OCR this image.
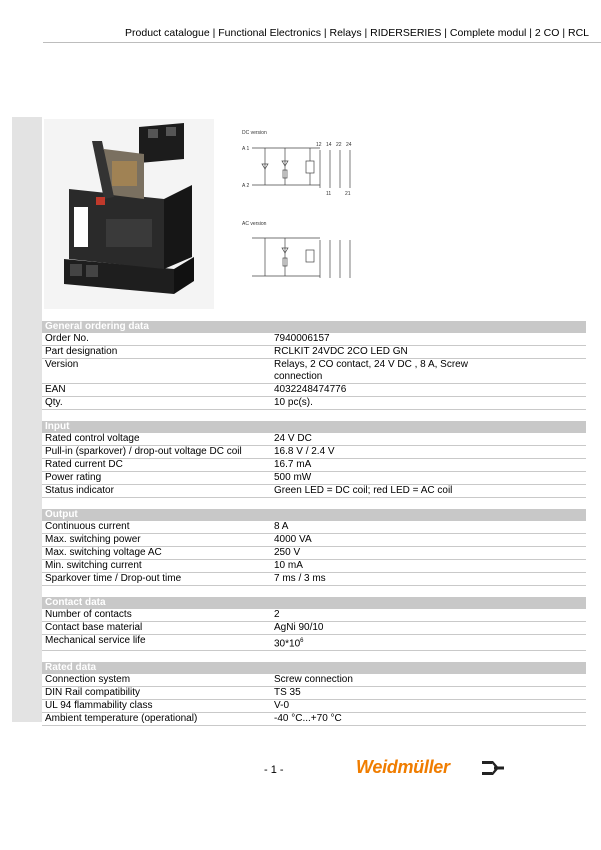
Product catalogue | Functional Electronics | Relays | RIDERSERIES | Complete modul | 2 CO | RCL
DC version
A 1
A 2
12 14 22 24
11	21
AC version
General ordering data
Order No.	7940006157
Part designation	RCLKIT 24VDC 2CO LED GN
Version	Relays, 2 CO contact, 24 V DC , 8 A, Screw connection
EAN	4032248474776
Qty.	10 pc(s).
Input
Rated control voltage	24 V DC
Pull-in (sparkover) / drop-out voltage DC coil	16.8 V / 2.4 V
Rated current DC	16.7 mA
Power rating	500 mW
Status indicator	Green LED = DC coil; red LED = AC coil
Output
Continuous current	8 A
Max. switching power	4000 VA
Max. switching voltage AC	250 V
Min. switching current	10 mA
Sparkover time / Drop-out time	7 ms / 3 ms
Contact data
Number of contacts	2
Contact base material	AgNi 90/10
Mechanical service life	$30*10^6$
Rated data
Connection system	Screw connection
DIN Rail compatibility	TS 35
UL 94 flammability class	V-0
Ambient temperature (operational)	-40 °C...+70 °C
- 1 -	Weidmüller
